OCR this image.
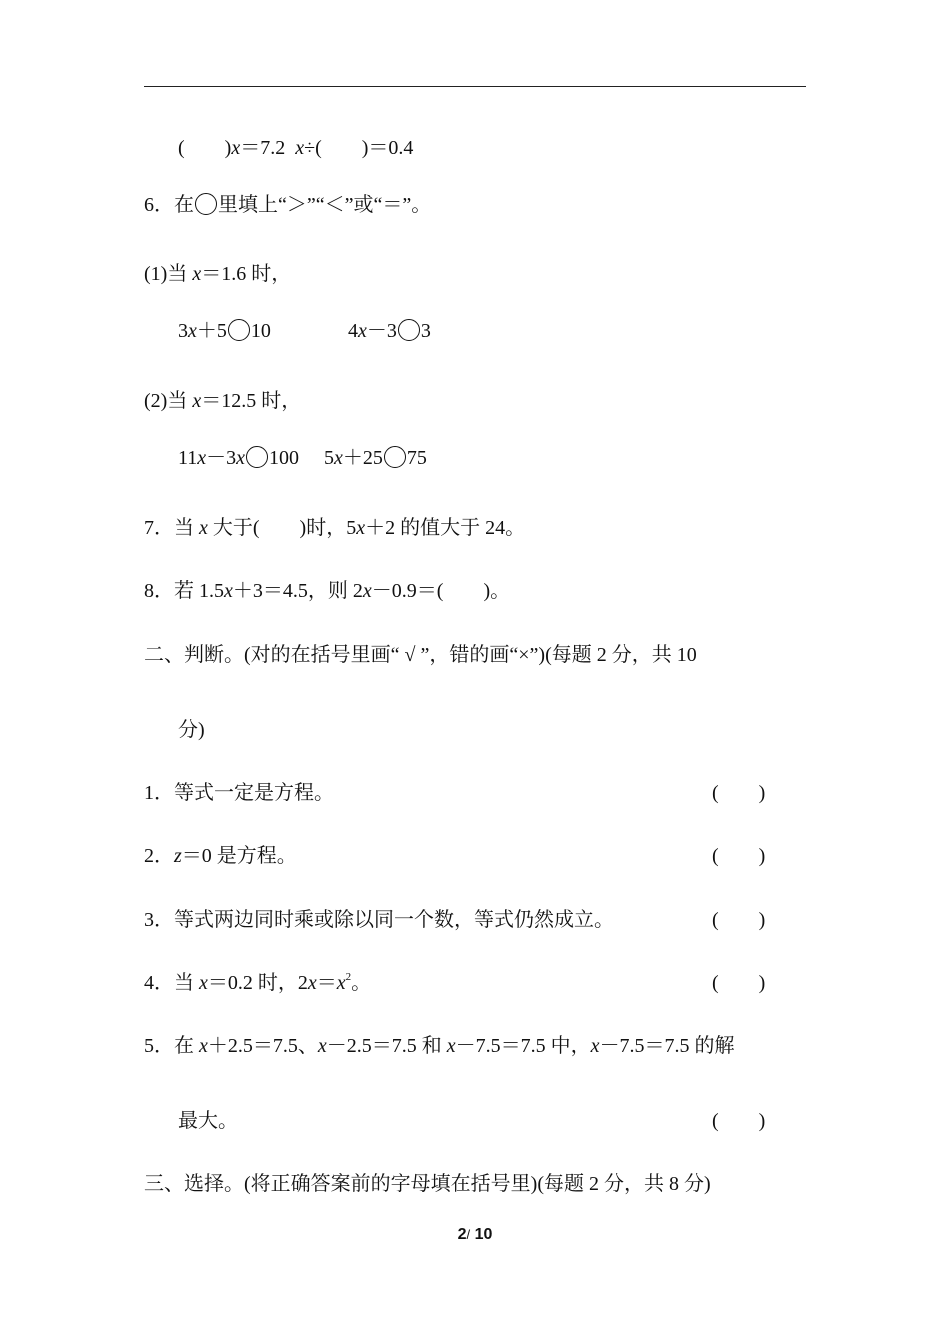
(        )x＝7.2  x÷(        )＝0.4
6．在 里填上“＞”“＜”或“＝”。
(1)当 x＝1.6 时，
3x＋5 10	4x－3 3
(2)当 x＝12.5 时，
11x－3x 100 5x＋25 75
7．当 x 大于(        )时，5x＋2 的值大于 24。
8．若 1.5x＋3＝4.5，则 2x－0.9＝(        )。
二、判断。(对的在括号里画“ √ ”，错的画“×”)(每题 2 分，共 10
分)
1．等式一定是方程。	(        )
2．z＝0 是方程。	(        )
3．等式两边同时乘或除以同一个数，等式仍然成立。	(        )
4．当 x＝0.2 时，$2x=x^2$。	(        )
5．在 x＋2.5＝7.5、x－2.5＝7.5 和 x－7.5＝7.5 中，x－7.5＝7.5 的解
最大。	(        )
三、选择。(将正确答案前的字母填在括号里)(每题 2 分，共 8 分)
2/ 10
